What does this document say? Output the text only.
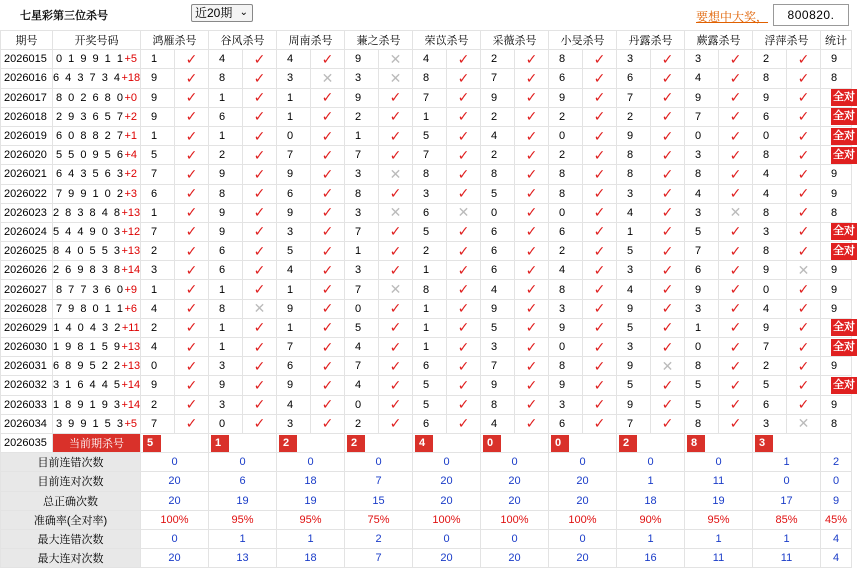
七星彩第三位杀号	近20期 ⌄	要想中大奖，	800820.
期号	开奖号码	鸿雁杀号		谷风杀号		周南杀号		蒹之杀号		荣苡杀号		采薇杀号		小旻杀号		丹露杀号		蕨露杀号		浮萍杀号		统计
2026015	0 1 9 9 1 1+5	1	✓	4	✓	4	✓	9	✕	4	✓	2	✓	8	✓	3	✓	3	✓	2	✓	9
2026016	6 4 3 7 3 4+18	9	✓	8	✓	3	✕	3	✕	8	✓	7	✓	6	✓	6	✓	4	✓	8	✓	8
2026017	8 0 2 6 8 0+0	9	✓	1	✓	1	✓	9	✓	7	✓	9	✓	9	✓	7	✓	9	✓	9	✓	全对
2026018	2 9 3 6 5 7+2	9	✓	6	✓	1	✓	2	✓	1	✓	2	✓	2	✓	2	✓	7	✓	6	✓	全对
2026019	6 0 8 8 2 7+1	1	✓	1	✓	0	✓	1	✓	5	✓	4	✓	0	✓	9	✓	0	✓	0	✓	全对
2026020	5 5 0 9 5 6+4	5	✓	2	✓	7	✓	7	✓	7	✓	2	✓	2	✓	8	✓	3	✓	8	✓	全对
2026021	6 4 3 5 6 3+2	7	✓	9	✓	9	✓	3	✕	8	✓	8	✓	8	✓	8	✓	8	✓	4	✓	9
2026022	7 9 9 1 0 2+3	6	✓	8	✓	6	✓	8	✓	3	✓	5	✓	8	✓	3	✓	4	✓	4	✓	9
2026023	2 8 3 8 4 8+13	1	✓	9	✓	9	✓	3	✕	6	✕	0	✓	0	✓	4	✓	3	✕	8	✓	8
2026024	5 4 4 9 0 3+12	7	✓	9	✓	3	✓	7	✓	5	✓	6	✓	6	✓	1	✓	5	✓	3	✓	全对
2026025	8 4 0 5 5 3+13	2	✓	6	✓	5	✓	1	✓	2	✓	6	✓	2	✓	5	✓	7	✓	8	✓	全对
2026026	2 6 9 8 3 8+14	3	✓	6	✓	4	✓	3	✓	1	✓	6	✓	4	✓	3	✓	6	✓	9	✕	9
2026027	8 7 7 3 6 0+9	1	✓	1	✓	1	✓	7	✕	8	✓	4	✓	8	✓	4	✓	9	✓	0	✓	9
2026028	7 9 8 0 1 1+6	4	✓	8	✕	9	✓	0	✓	1	✓	9	✓	3	✓	9	✓	3	✓	4	✓	9
2026029	1 4 0 4 3 2+11	2	✓	1	✓	1	✓	5	✓	1	✓	5	✓	9	✓	5	✓	1	✓	9	✓	全对
2026030	1 9 8 1 5 9+13	4	✓	1	✓	7	✓	4	✓	1	✓	3	✓	0	✓	3	✓	0	✓	7	✓	全对
2026031	6 8 9 5 2 2+13	0	✓	3	✓	6	✓	7	✓	6	✓	7	✓	8	✓	9	✕	8	✓	2	✓	9
2026032	3 1 6 4 4 5+14	9	✓	9	✓	9	✓	4	✓	5	✓	9	✓	9	✓	5	✓	5	✓	5	✓	全对
2026033	1 8 9 1 9 3+14	2	✓	3	✓	4	✓	0	✓	5	✓	8	✓	3	✓	9	✓	5	✓	6	✓	9
2026034	3 9 9 1 5 3+5	7	✓	0	✓	3	✓	2	✓	6	✓	4	✓	6	✓	7	✓	8	✓	3	✕	8
2026035	当前期杀号	5		1		2		2		4		0		0		2		8		3		
目前连错次数		0		0		0		0		0		0		0		0		0		1		2
目前连对次数		20		6		18		7		20		20		20		1		11		0		0
总正确次数		20		19		19		15		20		20		20		18		19		17		9
准确率(全对率)		100%		95%		95%		75%		100%		100%		100%		90%		95%		85%		45%
最大连错次数		0		1		1		2		0		0		0		1		1		1		4
最大连对次数		20		13		18		7		20		20		20		16		11		11		4
